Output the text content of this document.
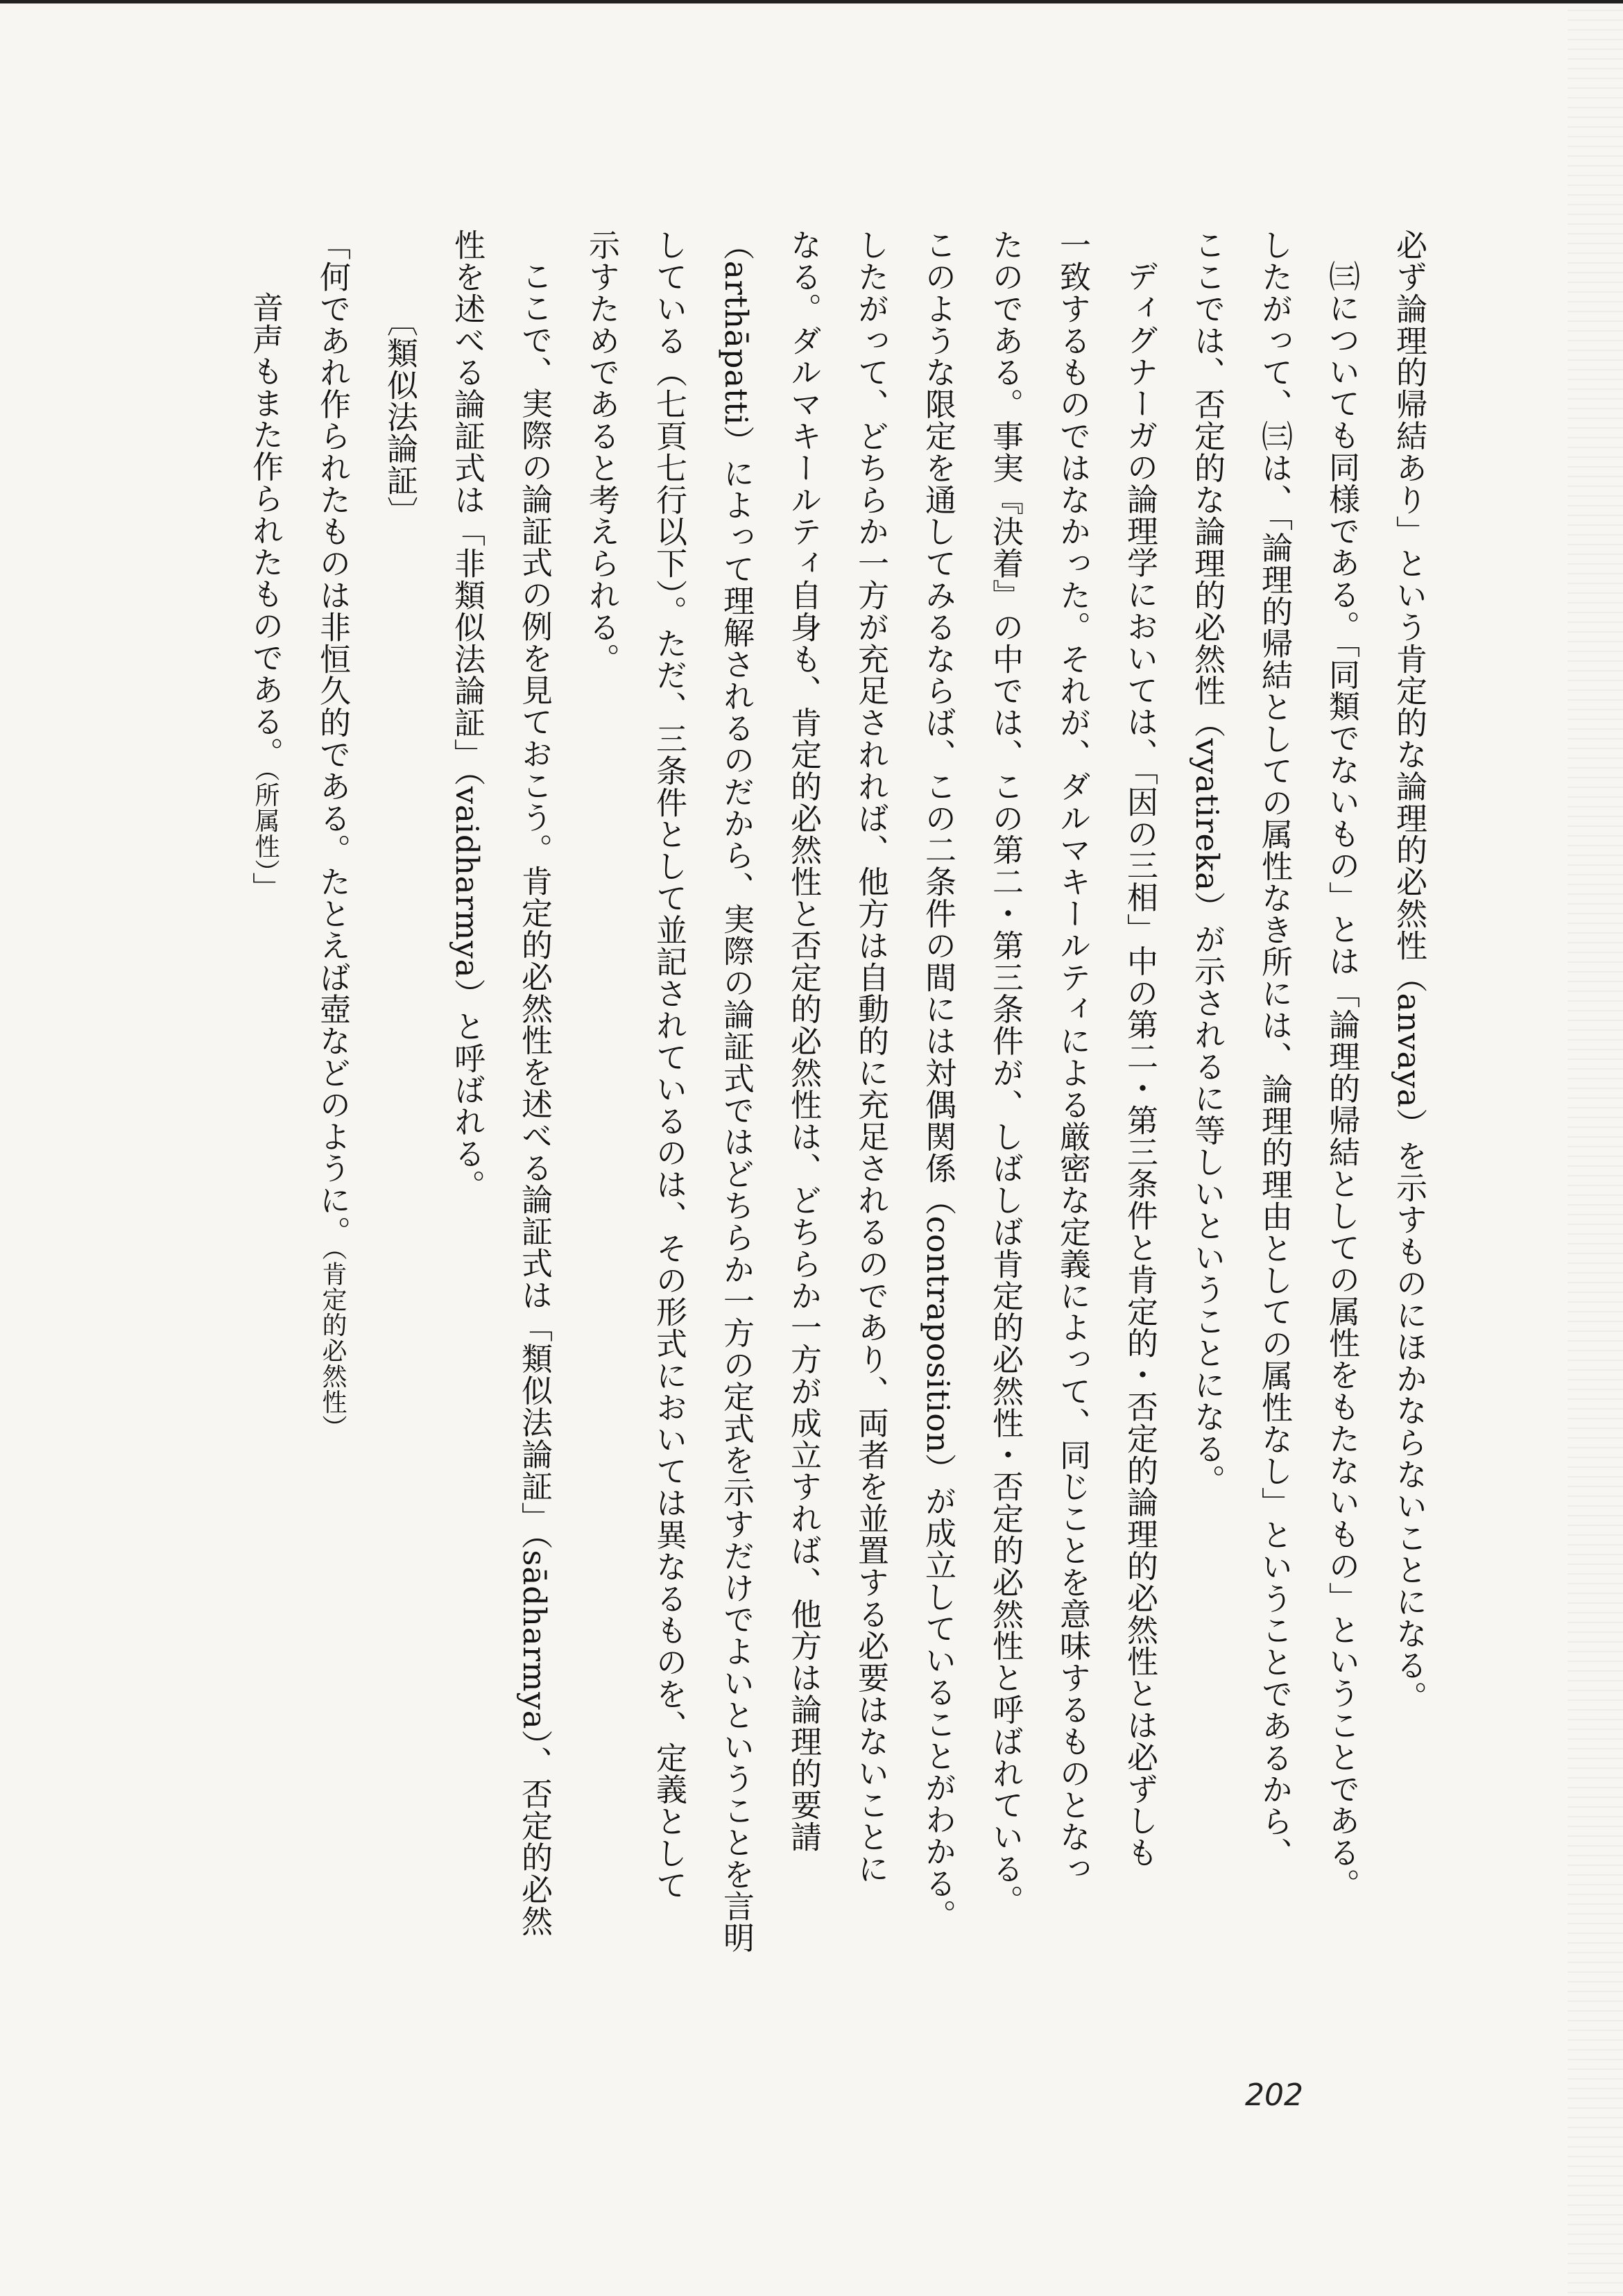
必ず論理的帰結あり」という肯定的な論理的必然性（anvaya）を示すものにほかならないことになる。
㈢についても同様である。「同類でないもの」とは「論理的帰結としての属性をもたないもの」ということである。
したがって、㈢は、「論理的帰結としての属性なき所には、論理的理由としての属性なし」ということであるから、
ここでは、否定的な論理的必然性（vyatireka）が示されるに等しいということになる。
ディグナーガの論理学においては、「因の三相」中の第二・第三条件と肯定的・否定的論理的必然性とは必ずしも
一致するものではなかった。それが、ダルマキールティによる厳密な定義によって、同じことを意味するものとなっ
たのである。事実『決着』の中では、この第二・第三条件が、しばしば肯定的必然性・否定的必然性と呼ばれている。
このような限定を通してみるならば、この二条件の間には対偶関係（contraposition）が成立していることがわかる。
したがって、どちらか一方が充足されれば、他方は自動的に充足されるのであり、両者を並置する必要はないことに
なる。ダルマキールティ自身も、肯定的必然性と否定的必然性は、どちらか一方が成立すれば、他方は論理的要請
（arthāpatti）によって理解されるのだから、実際の論証式ではどちらか一方の定式を示すだけでよいということを言明
している（七頁七行以下）。ただ、三条件として並記されているのは、その形式においては異なるものを、定義として
示すためであると考えられる。
ここで、実際の論証式の例を見ておこう。肯定的必然性を述べる論証式は「類似法論証」（sādharmya）、否定的必然
性を述べる論証式は「非類似法論証」（vaidharmya）と呼ばれる。
〔類似法論証〕
「何であれ作られたものは非恒久的である。たとえば壺などのように。（肯定的必然性）
音声もまた作られたものである。（所属性）」
202
